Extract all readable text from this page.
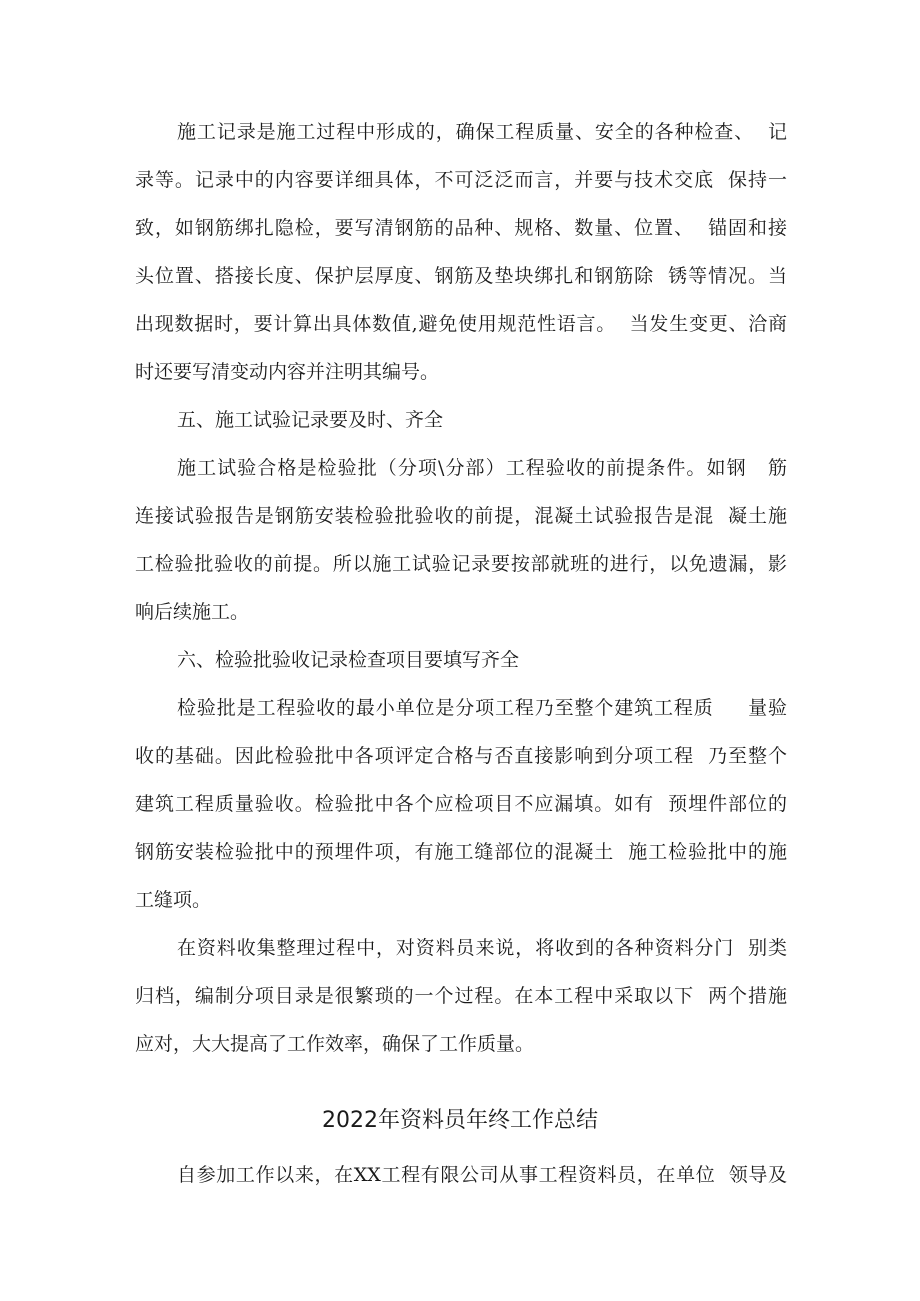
施工记录是施工过程中形成的，确保工程质量、安全的各种检查、  记
录等。记录中的内容要详细具体，不可泛泛而言，并要与技术交底  保持一
致，如钢筋绑扎隐检，要写清钢筋的品种、规格、数量、位置、  锚固和接
头位置、搭接长度、保护层厚度、钢筋及垫块绑扎和钢筋除  锈等情况。当
出现数据时，要计算出具体数值,避免使用规范性语言。  当发生变更、洽商
时还要写清变动内容并注明其编号。
五、施工试验记录要及时、齐全
施工试验合格是检验批（分项\分部）工程验收的前提条件。如钢   筋
连接试验报告是钢筋安装检验批验收的前提，混凝土试验报告是混  凝土施
工检验批验收的前提。所以施工试验记录要按部就班的进行，以免遗漏，影
响后续施工。
六、检验批验收记录检查项目要填写齐全
检验批是工程验收的最小单位是分项工程乃至整个建筑工程质     量验
收的基础。因此检验批中各项评定合格与否直接影响到分项工程  乃至整个
建筑工程质量验收。检验批中各个应检项目不应漏填。如有  预埋件部位的
钢筋安装检验批中的预埋件项，有施工缝部位的混凝土  施工检验批中的施
工缝项。
在资料收集整理过程中，对资料员来说，将收到的各种资料分门  别类
归档，编制分项目录是很繁琐的一个过程。在本工程中采取以下  两个措施
应对，大大提高了工作效率，确保了工作质量。
2022年资料员年终工作总结
自参加工作以来，在XX工程有限公司从事工程资料员，在单位  领导及
